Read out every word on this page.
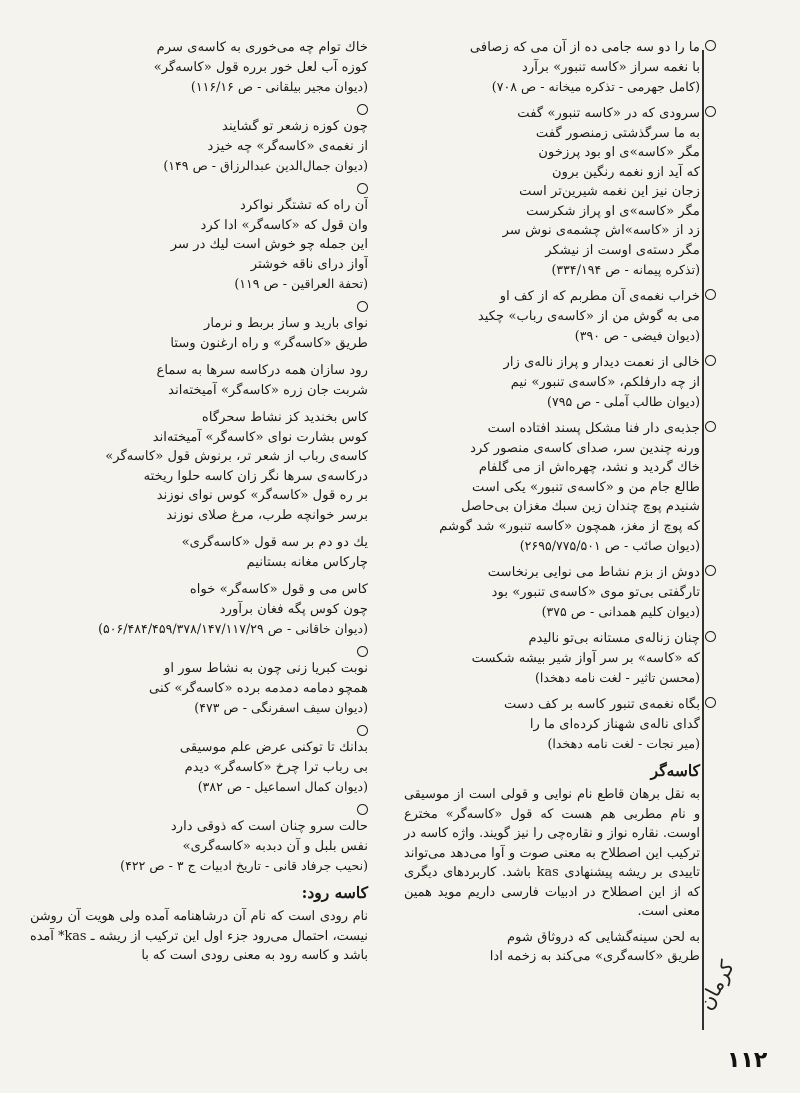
ما را دو سه جامی ده از آن می که زصافی
با نغمه سراز «کاسه تنبور» برآرد
(کامل جهرمی - تذکره میخانه - ص ۷۰۸)
سرودی که در «کاسه تنبور» گفت
به ما سرگذشتی زمنصور گفت
مگر «کاسه»ی او بود پرزخون
که آید ازو نغمه رنگین برون
زجان نیز این نغمه شیرین‌تر است
مگر «کاسه»ی او پراز شکرست
زد از «کاسه»اش چشمه‌ی نوش سر
مگر دسته‌ی اوست از نیشکر
(تذکره پیمانه - ص ۳۳۴/۱۹۴)
خراب نغمه‌ی آن مطربم که از کف او
می به گوش من از «کاسه‌ی رباب» چکید
(دیوان فیضی - ص ۳۹۰)
خالی از نعمت دیدار و پراز ناله‌ی زار
از چه دارفلکم، «کاسه‌ی تنبور» نیم
(دیوان طالب آملی - ص ۷۹۵)
جذبه‌ی دار فنا مشکل پسند افتاده است
ورنه چندین سر، صدای کاسه‌ی منصور کرد
خاك گردید و نشد، چهره‌اش از می گلفام
طالع جام من و «کاسه‌ی تنبور» یکی است
شنیدم پوچ چندان زین سبك مغزان بی‌حاصل
که پوچ از مغز، همچون «کاسه تنبور» شد گوشم
(دیوان صائب - ص ۲۶۹۵/۷۷۵/۵۰۱)
دوش از بزم نشاط می نوایی برنخاست
تارگفتی بی‌تو موی «کاسه‌ی تنبور» بود
(دیوان کلیم همدانی - ص ۳۷۵)
چنان زناله‌ی مستانه بی‌تو نالیدم
که «کاسه» بر سر آواز شیر بیشه شکست
(محسن تاثیر - لغت نامه دهخدا)
بگاه نغمه‌ی تنبور کاسه بر کف دست
گدای ناله‌ی شهناز کرده‌ای ما را
(میر نجات - لغت نامه دهخدا)
کاسه‌گر
به نقل برهان قاطع نام نوایی و قولی است از موسیقی و نام مطربی هم هست که قول «کاسه‌گر» مخترع اوست. نقاره نواز و نقاره‌چی را نیز گویند. واژه کاسه در ترکیب این اصطلاح به معنی صوت و آوا می‌دهد می‌تواند تاییدی بر ریشه پیشنهادی kas باشد. کاربردهای دیگری که از این اصطلاح در ادبیات فارسی داریم موید همین معنی است.
به لحن سینه‌گشایی که دروثاق شوم
طریق «کاسه‌گری» می‌کند به زخمه ادا
خاك توام چه می‌خوری به کاسه‌ی سرم
کوزه آب لعل خور برره قول «کاسه‌گر»
(دیوان مجیر بیلقانی - ص ۱۱۶/۱۶)
چون کوزه زشعر تو گشایند
از نغمه‌ی «کاسه‌گر» چه خیزد
(دیوان جمال‌الدین عبدالرزاق - ص ۱۴۹)
آن راه که تشتگر نواکرد
وان قول که «کاسه‌گر» ادا کرد
این جمله چو خوش است لیك در سر
آواز درای ناقه خوشتر
(تحفة العراقین - ص ۱۱۹)
نوای بارید و ساز بربط و نرمار
طریق «کاسه‌گر» و راه ارغنون وستا
رود سازان همه درکاسه سرها به سماع
شربت جان زره «کاسه‌گر» آمیخته‌اند
کاس بخندید کز نشاط سحرگاه
کوس بشارت نوای «کاسه‌گر» آمیخته‌اند
کاسه‌ی رباب از شعر تر، برنوش قول «کاسه‌گر»
درکاسه‌ی سرها نگر زان کاسه حلوا ریخته
بر ره قول «کاسه‌گر» کوس نوای نوزند
برسر خوانچه طرب، مرغ صلای نوزند
یك دو دم بر سه قول «کاسه‌گری»
چارکاس مغانه بستانیم
کاس می و قول «کاسه‌گر» خواه
چون کوس پگه فغان برآورد
(دیوان خاقانی - ص ۵۰۶/۴۸۴/۴۵۹/۳۷۸/۱۴۷/۱۱۷/۲۹)
نوبت کبریا زنی چون به نشاط سور او
همچو دمامه دمدمه برده «کاسه‌گر» کنی
(دیوان سیف اسفرنگی - ص ۴۷۳)
بدانك تا توکنی عرض علم موسیقی
بی رباب ترا چرخ «کاسه‌گر» دیدم
(دیوان کمال اسماعیل - ص ۳۸۲)
حالت سرو چنان است که ذوقی دارد
نفس بلبل و آن دبدبه «کاسه‌گری»
(نحیب جرفاد قانی - تاریخ ادبیات ج ۳ - ص ۴۲۲)
کاسه رود:
نام رودی است که نام آن درشاهنامه آمده ولی هویت آن روشن نیست، احتمال می‌رود جزء اول این ترکیب از ریشه ـ kas* آمده باشد و کاسه رود به معنی رودی است که با
کرمان
۱۱۲
